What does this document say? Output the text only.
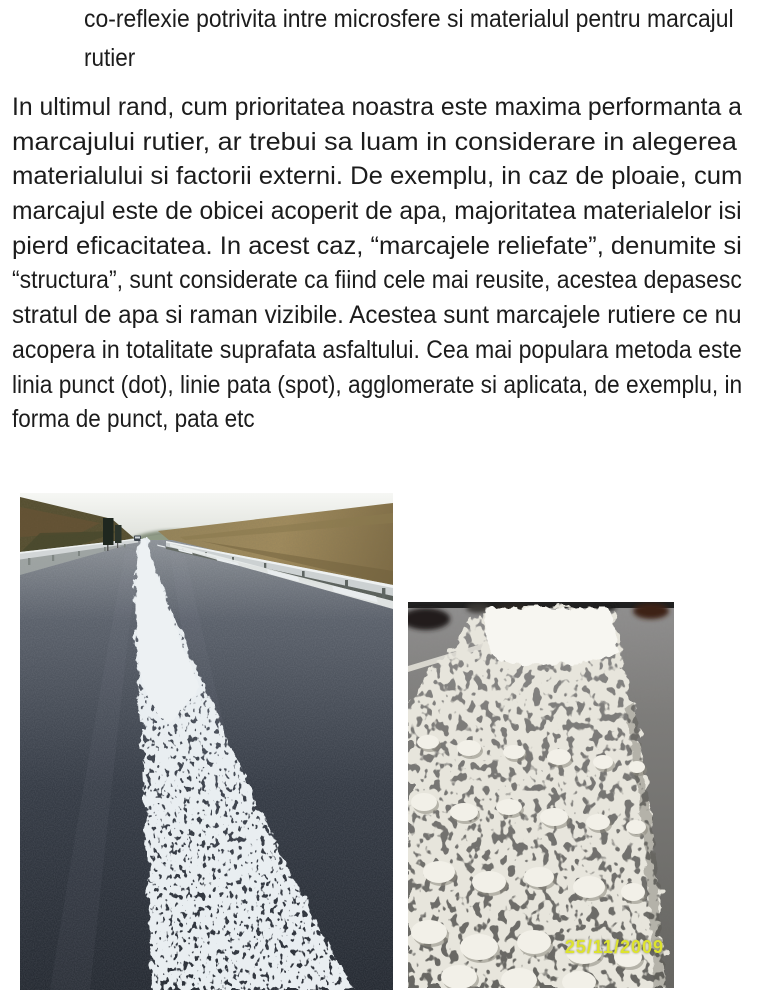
co-reflexie potrivita intre microsfere si materialul pentru marcajul
rutier
In ultimul rand, cum prioritatea noastra este maxima performanta a
marcajului rutier, ar trebui sa luam in considerare in alegerea
materialului si factorii externi. De exemplu, in caz de ploaie, cum
marcajul este de obicei acoperit de apa, majoritatea materialelor isi
pierd eficacitatea. In acest caz, “marcajele reliefate”, denumite si
“structura”, sunt considerate ca fiind cele mai reusite, acestea depasesc
stratul de apa si raman vizibile. Acestea sunt marcajele rutiere ce nu
acopera in totalitate suprafata asfaltului. Cea mai populara metoda este
linia punct (dot), linie pata (spot), agglomerate si aplicata, de exemplu, in
forma de punct, pata etc
25/11/2009
